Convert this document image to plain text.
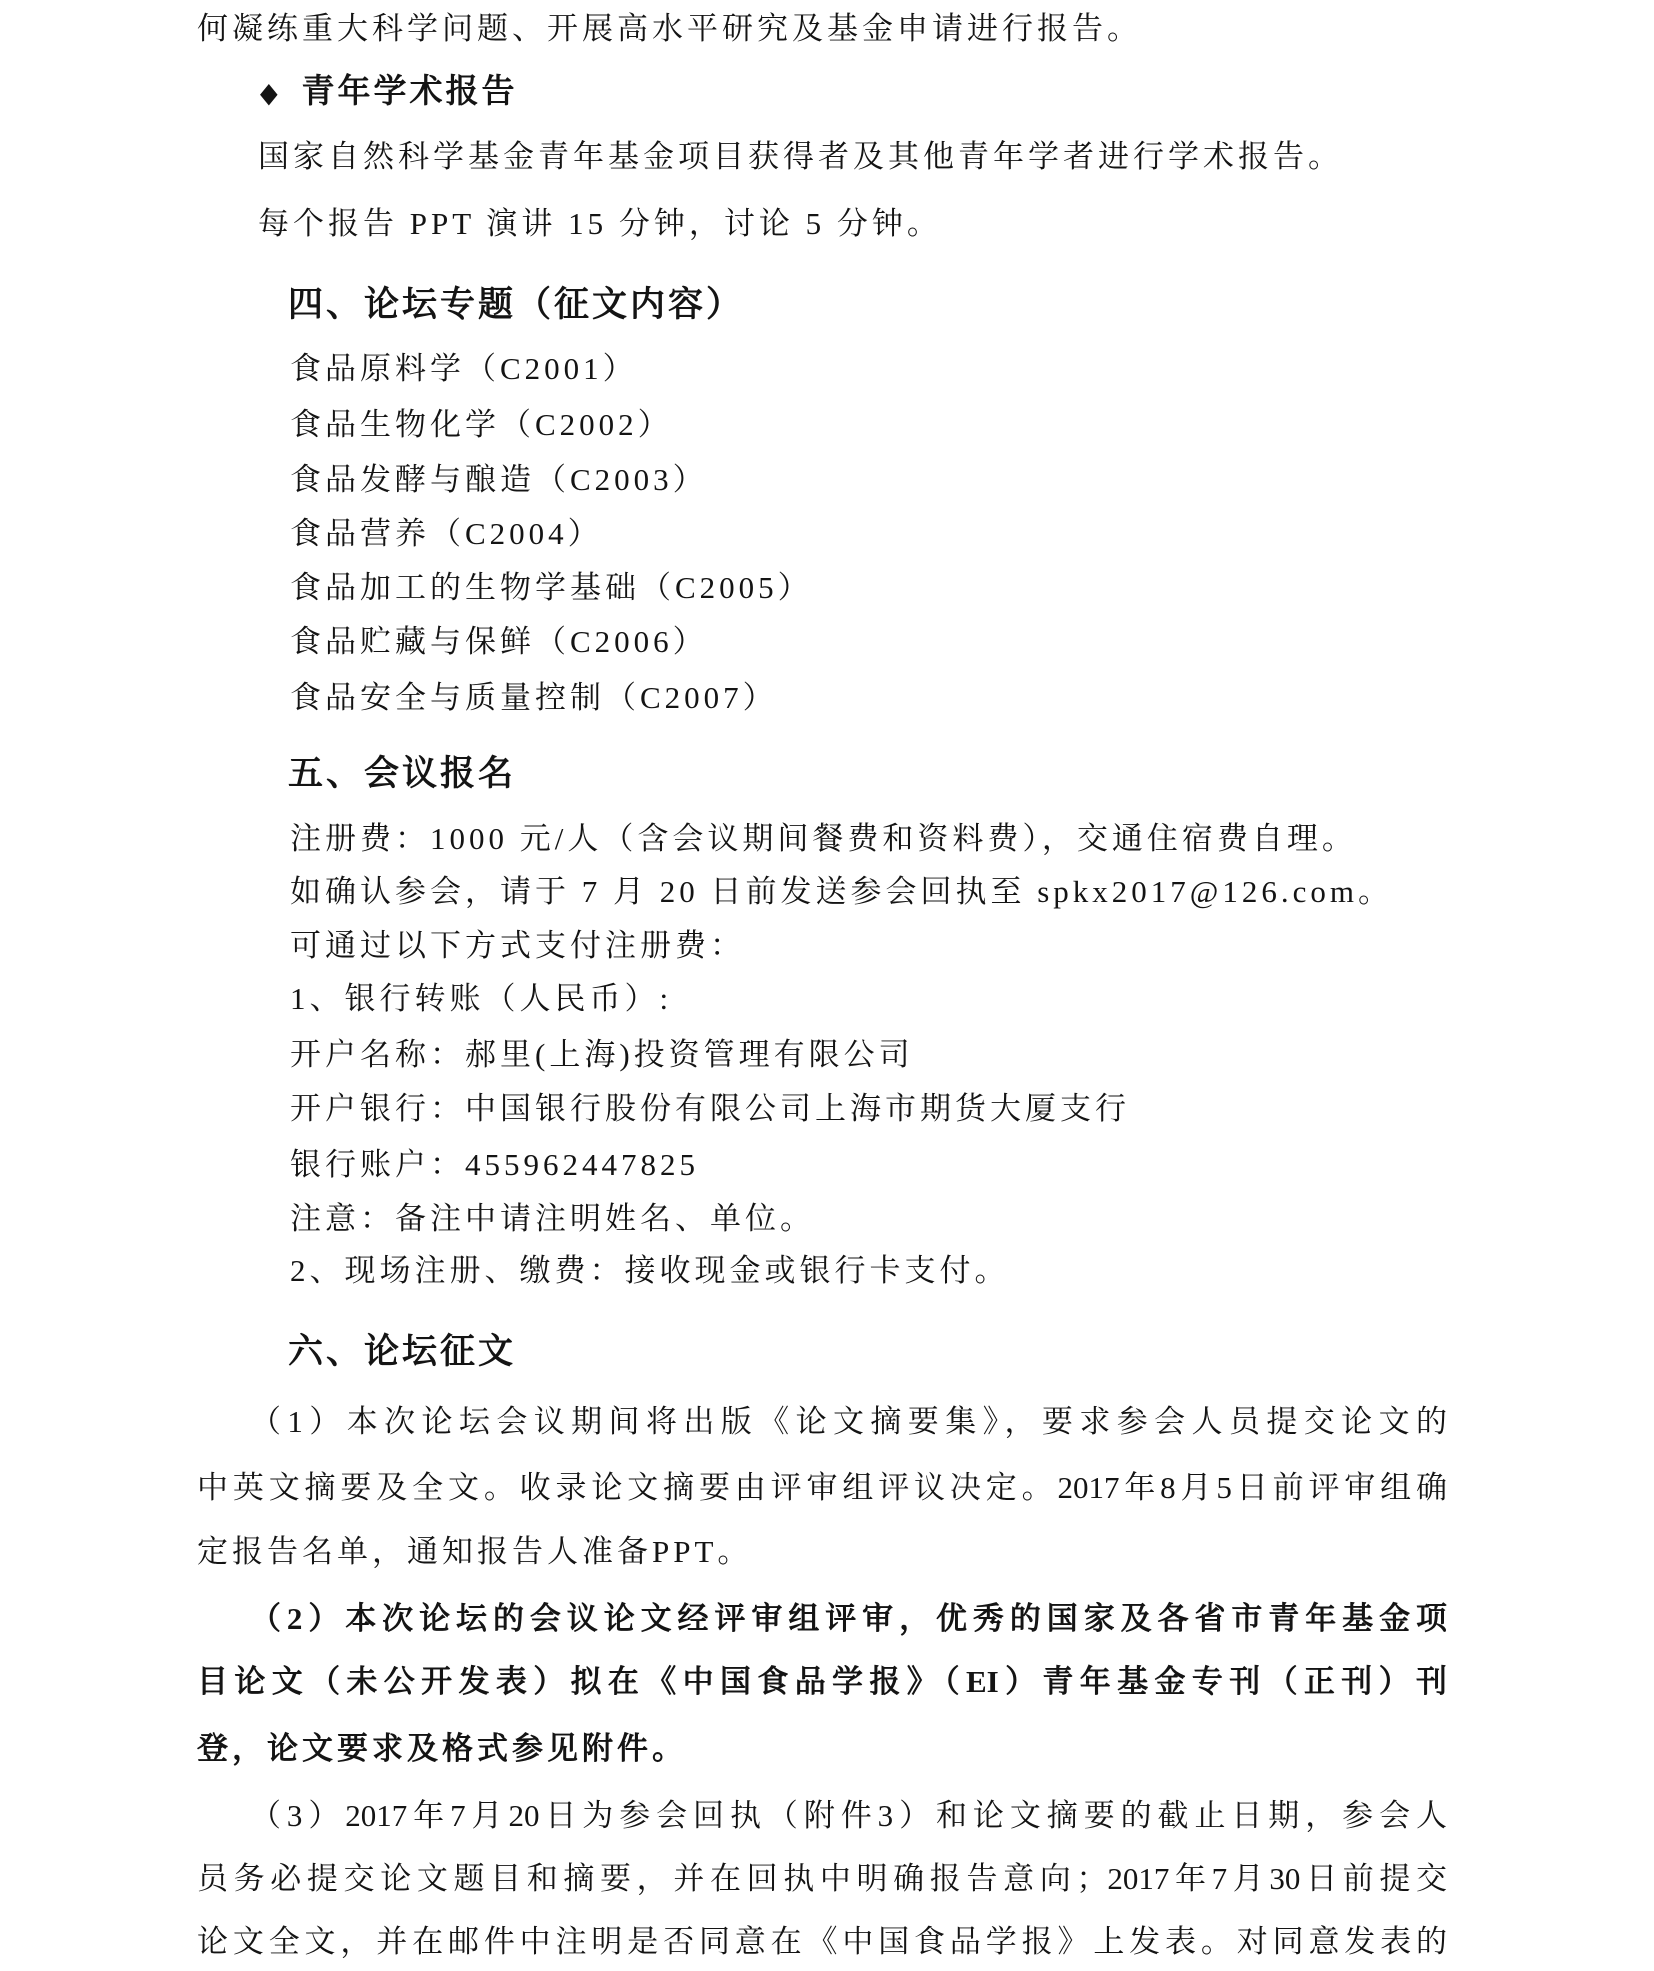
何凝练重大科学问题、开展高水平研究及基金申请进行报告。
◆ 青年学术报告
国家自然科学基金青年基金项目获得者及其他青年学者进行学术报告。
每个报告 PPT 演讲 15 分钟，讨论 5 分钟。
四、论坛专题（征文内容）
食品原料学（C2001）
食品生物化学（C2002）
食品发酵与酿造（C2003）
食品营养（C2004）
食品加工的生物学基础（C2005）
食品贮藏与保鲜（C2006）
食品安全与质量控制（C2007）
五、会议报名
注册费：1000 元/人（含会议期间餐费和资料费），交通住宿费自理。
如确认参会，请于 7 月 20 日前发送参会回执至 spkx2017@126.com。
可通过以下方式支付注册费：
1、银行转账（人民币）:
开户名称：郝里(上海)投资管理有限公司
开户银行：中国银行股份有限公司上海市期货大厦支行
银行账户：455962447825
注意：备注中请注明姓名、单位。
2、现场注册、缴费：接收现金或银行卡支付。
六、论坛征文
（1）本次论坛会议期间将出版《论文摘要集》，要求参会人员提交论文的
中英文摘要及全文。收录论文摘要由评审组评议决定。2017年8月5日前评审组确
定报告名单，通知报告人准备PPT。
（2）本次论坛的会议论文经评审组评审，优秀的国家及各省市青年基金项
目论文（未公开发表）拟在《中国食品学报》（EI）青年基金专刊（正刊）刊
登，论文要求及格式参见附件。
（3）2017年7月20日为参会回执（附件3）和论文摘要的截止日期，参会人
员务必提交论文题目和摘要，并在回执中明确报告意向；2017年7月30日前提交
论文全文，并在邮件中注明是否同意在《中国食品学报》上发表。对同意发表的
